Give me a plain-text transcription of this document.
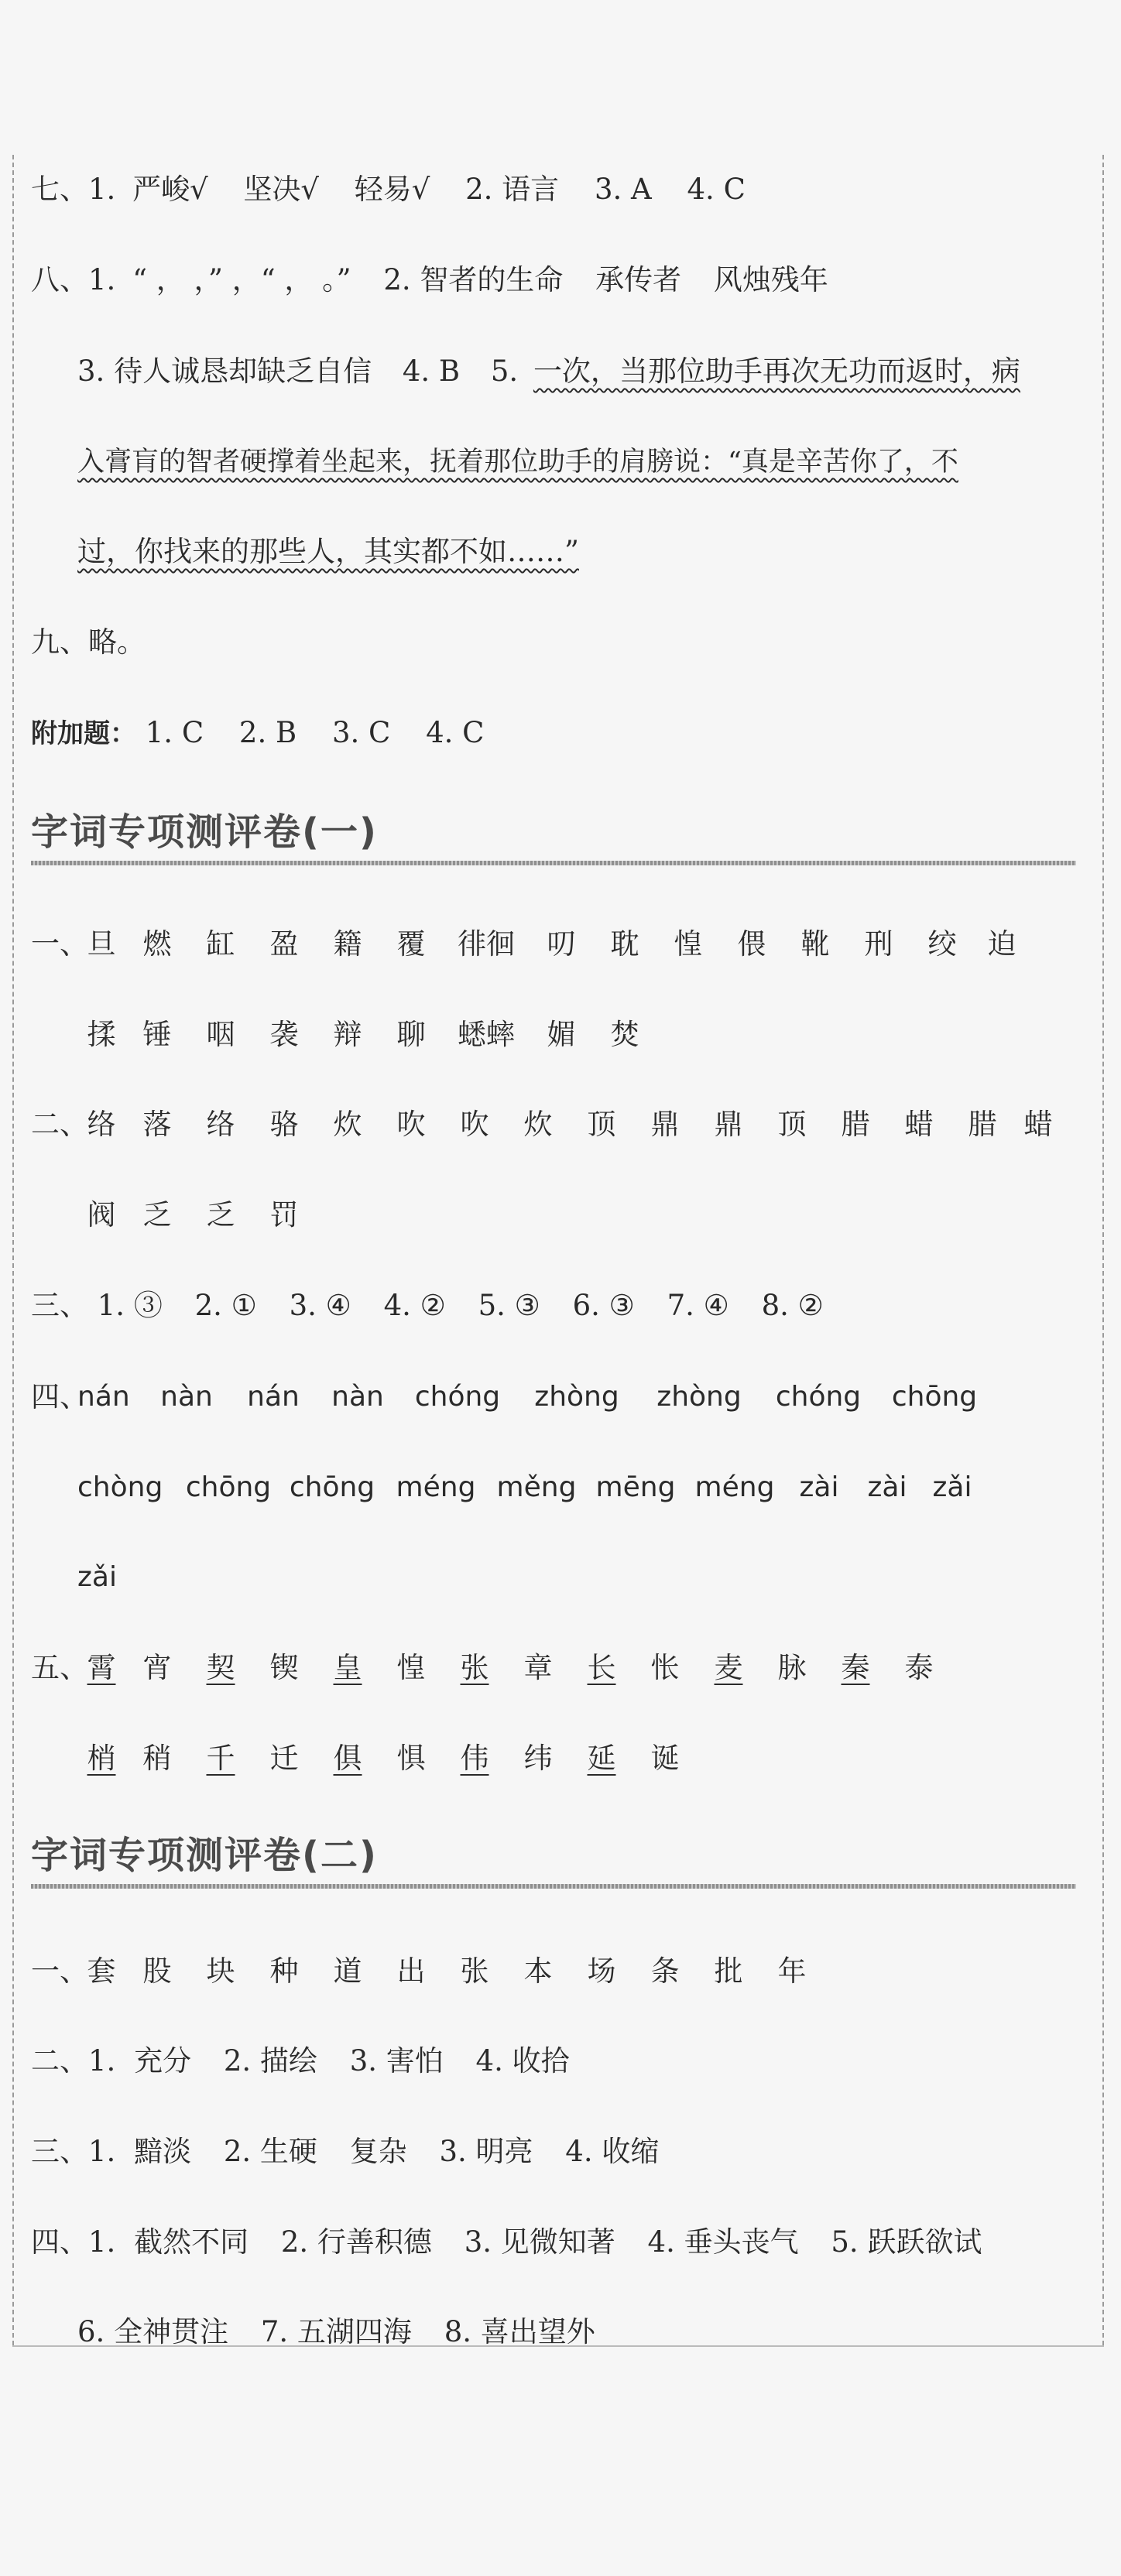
七、1. 严峻√ 坚决√ 轻易√ 2. 语言 3. A 4. C
八、1. “ ， ，” ，“ ， 。” 2. 智者的生命 承传者 风烛残年
3. 待人诚恳却缺乏自信 4. B 5. 一次，当那位助手再次无功而返时，病
入膏肓的智者硬撑着坐起来，抚着那位助手的肩膀说：“真是辛苦你了，不
过，你找来的那些人，其实都不如……”
九、略。
附加题： 1. C 2. B 3. C 4. C
字词专项测评卷(一)
一、
旦 燃	缸	盈	籍	覆	徘徊	叨	耽	惶	偎	靴	刑	绞	迫
揉 锤	咽	袭	辩	聊	蟋蟀	媚	焚
二、
络 落	络	骆	炊	吹	吹	炊	顶	鼎	鼎	顶	腊	蜡	腊 蜡
阀 乏	乏	罚
三、 1. ③ 2. ① 3. ④ 4. ② 5. ③ 6. ③ 7. ④ 8. ②
四、
nán	nàn	nán	nàn	chóng	zhòng	zhòng	chóng	chōng
chòng chōng chōng méng měng mēng méng zài	zài zǎi
zǎi
五、
霄 宵	契	锲	皇	惶	张	章	长	怅	麦	脉	秦	泰
梢 稍	千	迁	俱	惧	伟	纬	延	诞
字词专项测评卷(二)
一、
套 股	块	种	道	出	张	本	场	条	批	年
二、1. 充分 2. 描绘 3. 害怕 4. 收拾
三、1. 黯淡 2. 生硬 复杂 3. 明亮 4. 收缩
四、1. 截然不同 2. 行善积德 3. 见微知著 4. 垂头丧气 5. 跃跃欲试
6. 全神贯注 7. 五湖四海 8. 喜出望外
